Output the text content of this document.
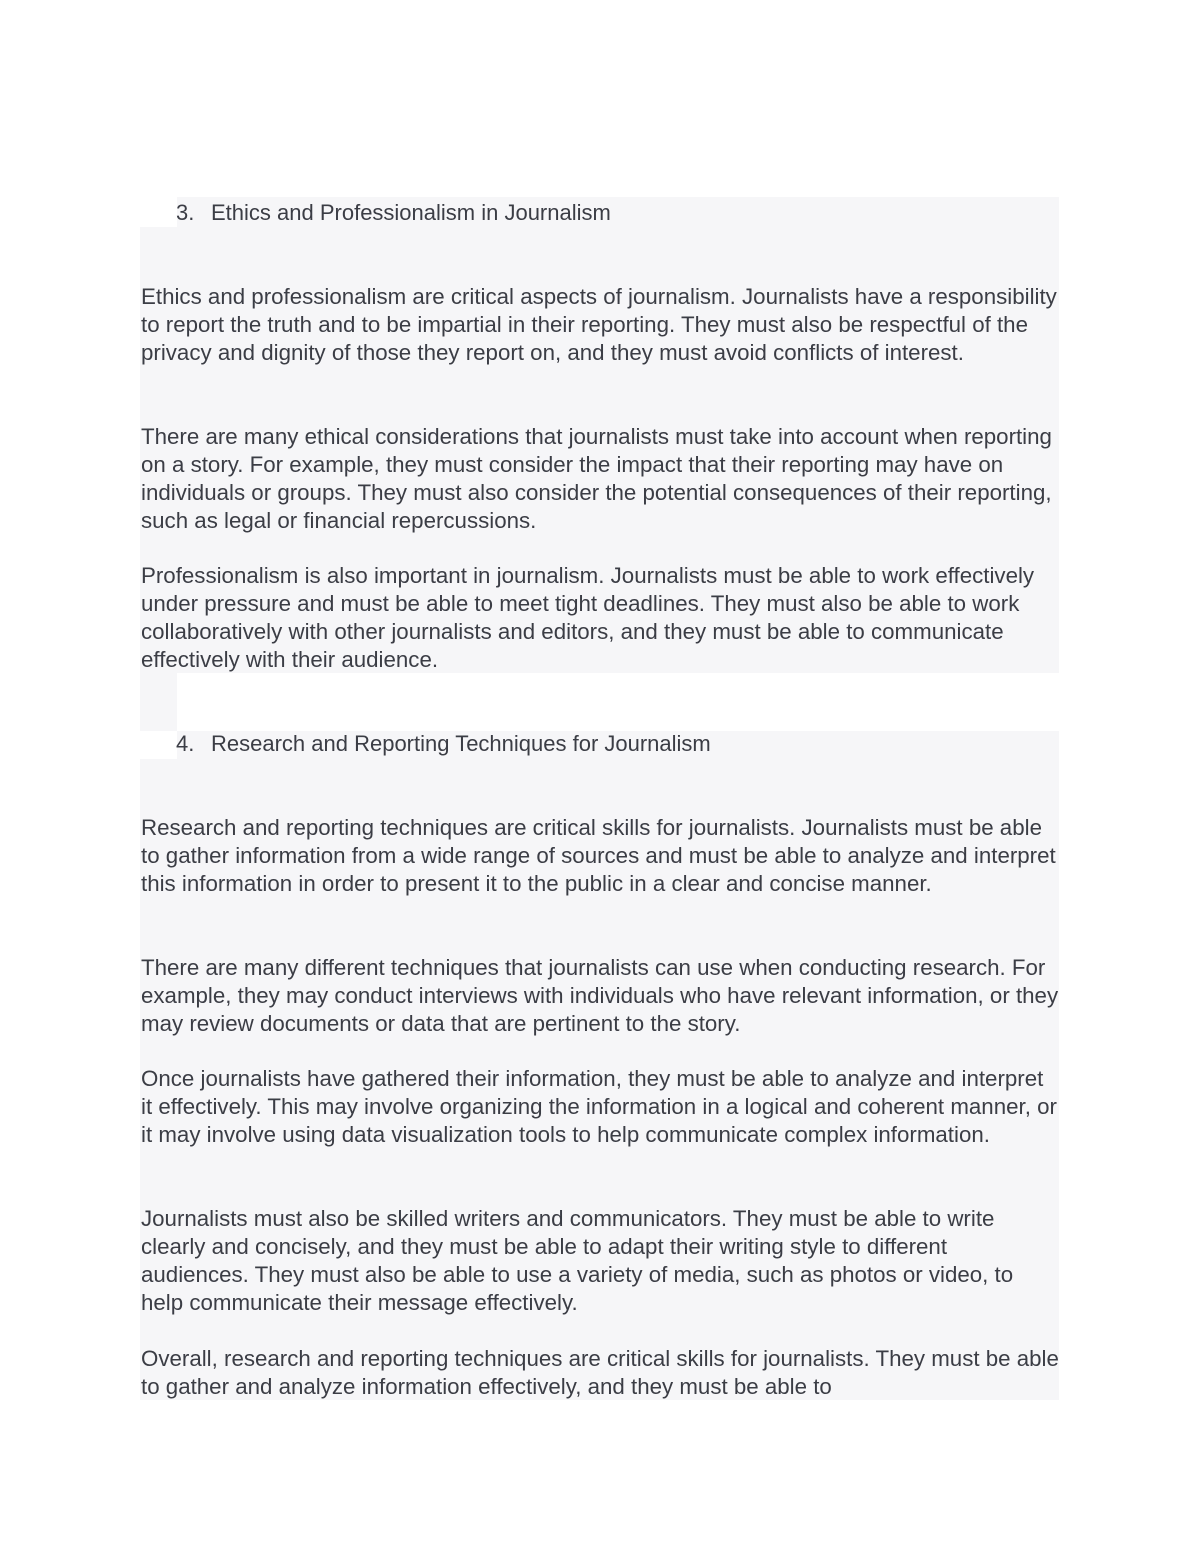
3. Ethics and Professionalism in Journalism

Ethics and professionalism are critical aspects of journalism. Journalists have a responsibility to report the truth and to be impartial in their reporting. They must also be respectful of the privacy and dignity of those they report on, and they must avoid conflicts of interest.

There are many ethical considerations that journalists must take into account when reporting on a story. For example, they must consider the impact that their reporting may have on individuals or groups. They must also consider the potential consequences of their reporting, such as legal or financial repercussions.

Professionalism is also important in journalism. Journalists must be able to work effectively under pressure and must be able to meet tight deadlines. They must also be able to work collaboratively with other journalists and editors, and they must be able to communicate effectively with their audience.

4. Research and Reporting Techniques for Journalism

Research and reporting techniques are critical skills for journalists. Journalists must be able to gather information from a wide range of sources and must be able to analyze and interpret this information in order to present it to the public in a clear and concise manner.

There are many different techniques that journalists can use when conducting research. For example, they may conduct interviews with individuals who have relevant information, or they may review documents or data that are pertinent to the story.

Once journalists have gathered their information, they must be able to analyze and interpret it effectively. This may involve organizing the information in a logical and coherent manner, or it may involve using data visualization tools to help communicate complex information.

Journalists must also be skilled writers and communicators. They must be able to write clearly and concisely, and they must be able to adapt their writing style to different audiences. They must also be able to use a variety of media, such as photos or video, to help communicate their message effectively.

Overall, research and reporting techniques are critical skills for journalists. They must be able to gather and analyze information effectively, and they must be able to
